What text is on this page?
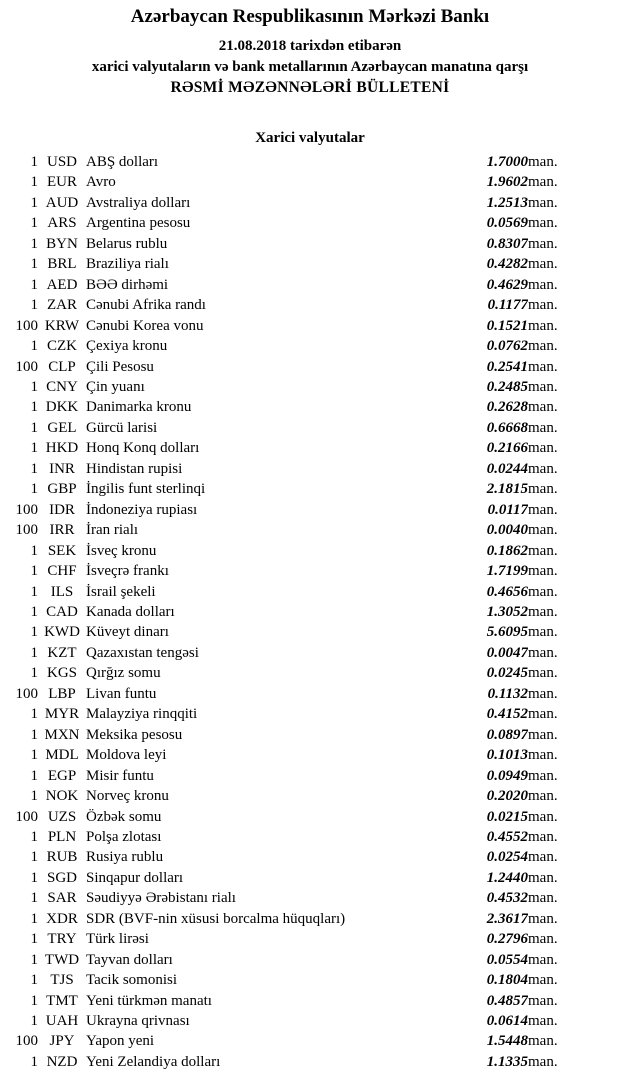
Azərbaycan Respublikasının Mərkəzi Bankı
21.08.2018 tarixdən etibarən
xarici valyutaların və bank metallarının Azərbaycan manatına qarşı
RƏSMİ MƏZƏNNƏLƏRİ BÜLLETENİ
Xarici valyutalar
1	USD	ABŞ dolları	1.7000	man.
1	EUR	Avro	1.9602	man.
1	AUD	Avstraliya dolları	1.2513	man.
1	ARS	Argentina pesosu	0.0569	man.
1	BYN	Belarus rublu	0.8307	man.
1	BRL	Braziliya rialı	0.4282	man.
1	AED	BƏƏ dirhəmi	0.4629	man.
1	ZAR	Cənubi Afrika randı	0.1177	man.
100	KRW	Cənubi Korea vonu	0.1521	man.
1	CZK	Çexiya kronu	0.0762	man.
100	CLP	Çili Pesosu	0.2541	man.
1	CNY	Çin yuanı	0.2485	man.
1	DKK	Danimarka kronu	0.2628	man.
1	GEL	Gürcü larisi	0.6668	man.
1	HKD	Honq Konq dolları	0.2166	man.
1	INR	Hindistan rupisi	0.0244	man.
1	GBP	İngilis funt sterlinqi	2.1815	man.
100	IDR	İndoneziya rupiası	0.0117	man.
100	IRR	İran rialı	0.0040	man.
1	SEK	İsveç kronu	0.1862	man.
1	CHF	İsveçrə frankı	1.7199	man.
1	ILS	İsrail şekeli	0.4656	man.
1	CAD	Kanada dolları	1.3052	man.
1	KWD	Küveyt dinarı	5.6095	man.
1	KZT	Qazaxıstan tengəsi	0.0047	man.
1	KGS	Qırğız somu	0.0245	man.
100	LBP	Livan funtu	0.1132	man.
1	MYR	Malayziya rinqqiti	0.4152	man.
1	MXN	Meksika pesosu	0.0897	man.
1	MDL	Moldova leyi	0.1013	man.
1	EGP	Misir funtu	0.0949	man.
1	NOK	Norveç kronu	0.2020	man.
100	UZS	Özbək somu	0.0215	man.
1	PLN	Polşa zlotası	0.4552	man.
1	RUB	Rusiya rublu	0.0254	man.
1	SGD	Sinqapur dolları	1.2440	man.
1	SAR	Səudiyyə Ərəbistanı rialı	0.4532	man.
1	XDR	SDR (BVF-nin xüsusi borcalma hüquqları)	2.3617	man.
1	TRY	Türk lirəsi	0.2796	man.
1	TWD	Tayvan dolları	0.0554	man.
1	TJS	Tacik somonisi	0.1804	man.
1	TMT	Yeni türkmən manatı	0.4857	man.
1	UAH	Ukrayna qrivnası	0.0614	man.
100	JPY	Yapon yeni	1.5448	man.
1	NZD	Yeni Zelandiya dolları	1.1335	man.
